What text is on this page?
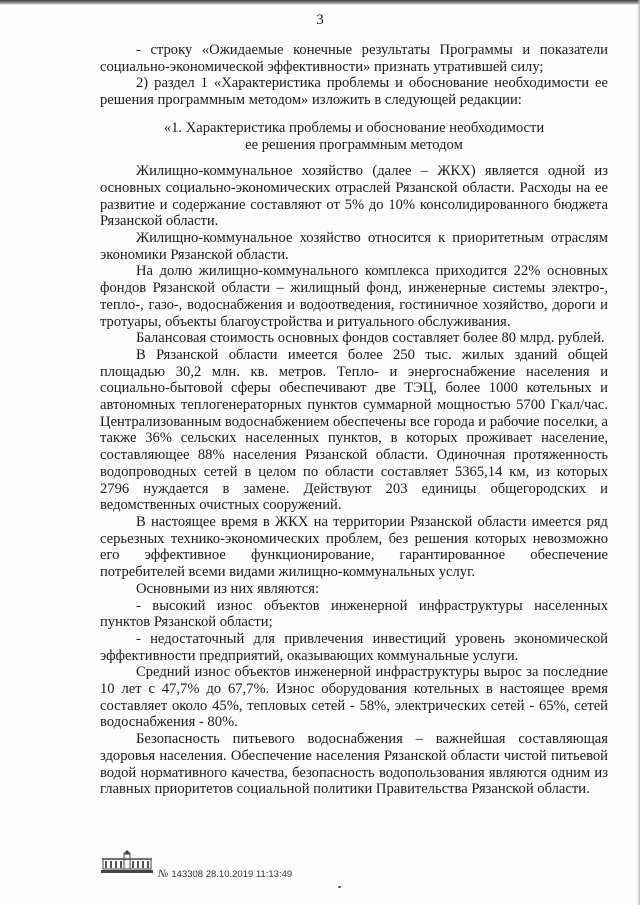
3

- строку «Ожидаемые конечные результаты Программы и показатели социально-экономической эффективности» признать утратившей силу;

2) раздел 1 «Характеристика проблемы и обоснование необходимости ее решения программным методом» изложить в следующей редакции:

«1. Характеристика проблемы и обоснование необходимости
ее решения программным методом

Жилищно-коммунальное хозяйство (далее – ЖКХ) является одной из основных социально-экономических отраслей Рязанской области. Расходы на ее развитие и содержание составляют от 5% до 10% консолидированного бюджета Рязанской области.

Жилищно-коммунальное хозяйство относится к приоритетным отраслям экономики Рязанской области.

На долю жилищно-коммунального комплекса приходится 22% основных фондов Рязанской области – жилищный фонд, инженерные системы электро-, тепло-, газо-, водоснабжения и водоотведения, гостиничное хозяйство, дороги и тротуары, объекты благоустройства и ритуального обслуживания.

Балансовая стоимость основных фондов составляет более 80 млрд. рублей.

В Рязанской области имеется более 250 тыс. жилых зданий общей площадью 30,2 млн. кв. метров. Тепло- и энергоснабжение населения и социально-бытовой сферы обеспечивают две ТЭЦ, более 1000 котельных и автономных теплогенераторных пунктов суммарной мощностью 5700 Гкал/час. Централизованным водоснабжением обеспечены все города и рабочие поселки, а также 36% сельских населенных пунктов, в которых проживает население, составляющее 88% населения Рязанской области. Одиночная протяженность водопроводных сетей в целом по области составляет 5365,14 км, из которых 2796 нуждается в замене. Действуют 203 единицы общегородских и ведомственных очистных сооружений.

В настоящее время в ЖКХ на территории Рязанской области имеется ряд серьезных технико-экономических проблем, без решения которых невозможно его эффективное функционирование, гарантированное обеспечение потребителей всеми видами жилищно-коммунальных услуг.

Основными из них являются:

- высокий износ объектов инженерной инфраструктуры населенных пунктов Рязанской области;

- недостаточный для привлечения инвестиций уровень экономической эффективности предприятий, оказывающих коммунальные услуги.

Средний износ объектов инженерной инфраструктуры вырос за последние 10 лет с 47,7% до 67,7%. Износ оборудования котельных в настоящее время составляет около 45%, тепловых сетей - 58%, электрических сетей - 65%, сетей водоснабжения - 80%.

Безопасность питьевого водоснабжения – важнейшая составляющая здоровья населения. Обеспечение населения Рязанской области чистой питьевой водой нормативного качества, безопасность водопользования являются одним из главных приоритетов социальной политики Правительства Рязанской области.

№ 143308 28.10.2019 11:13:49
